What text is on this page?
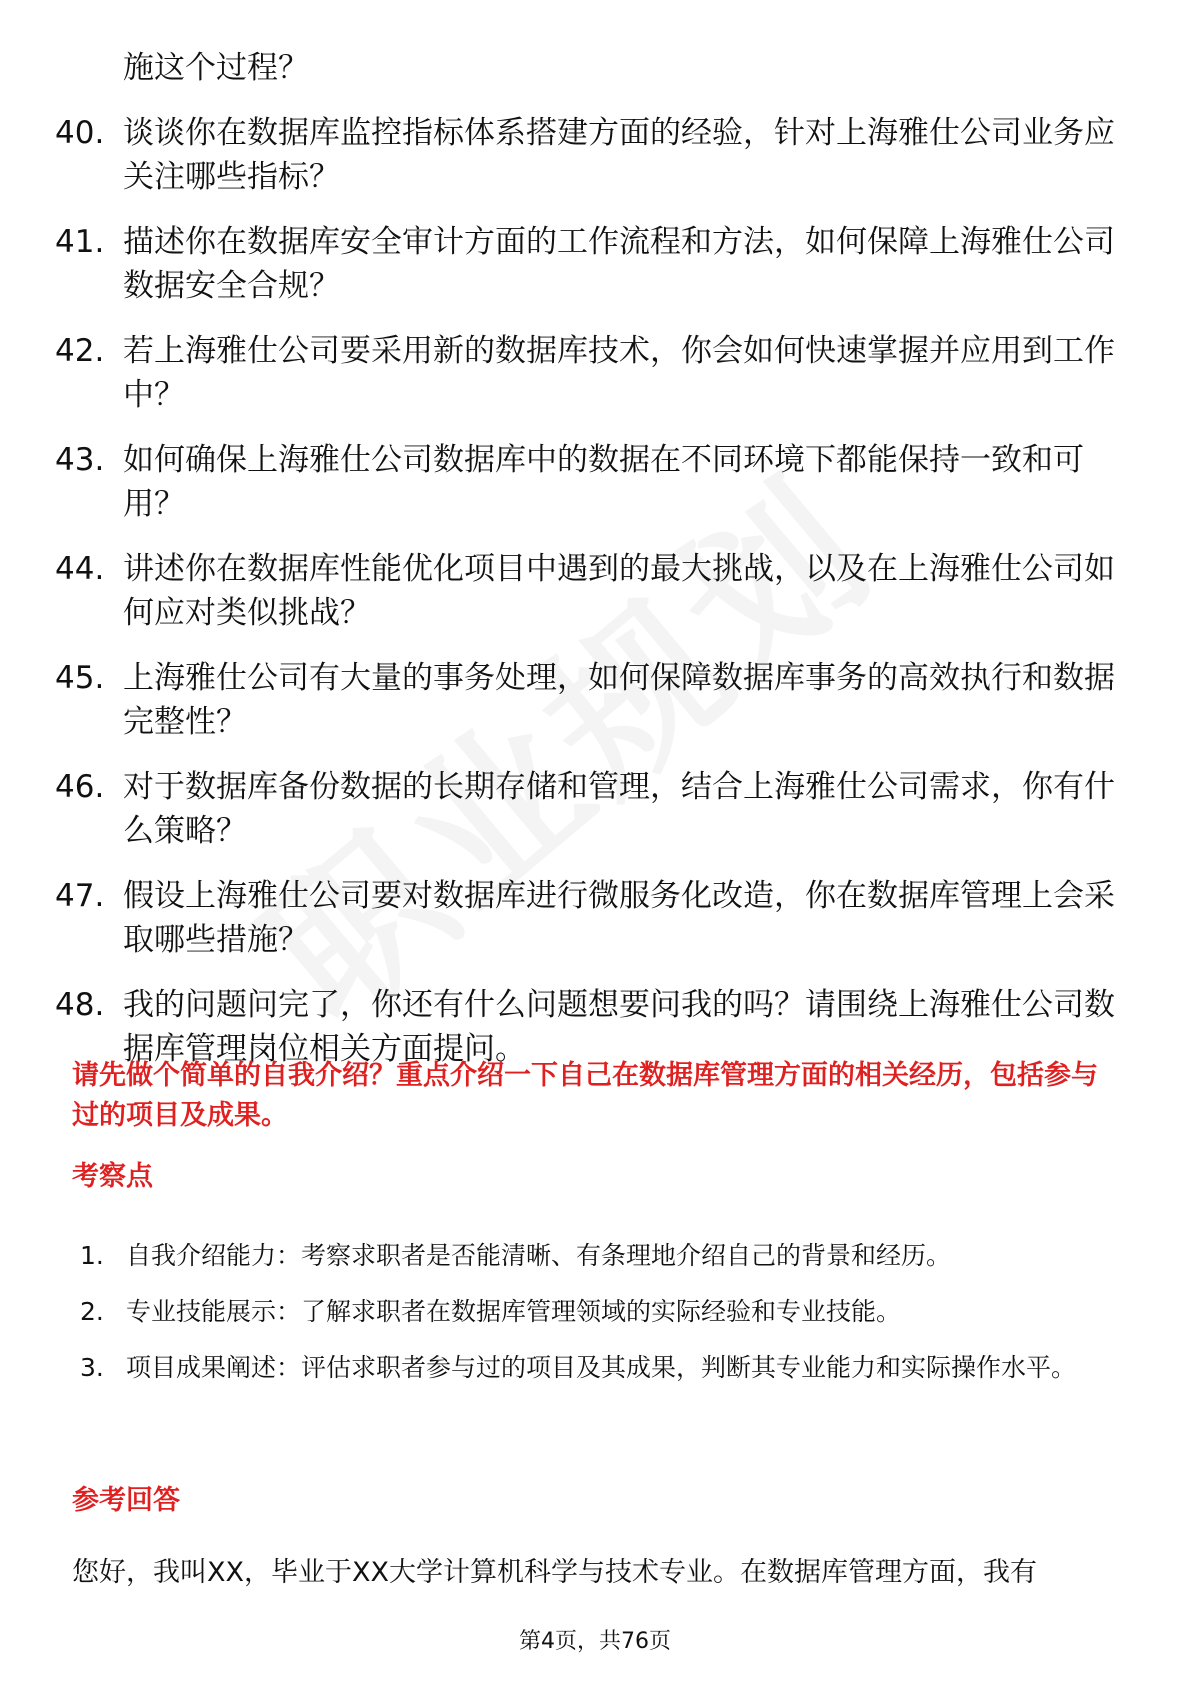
施这个过程？
40. 谈谈你在数据库监控指标体系搭建方面的经验，针对上海雅仕公司业务应关注哪些指标？
41. 描述你在数据库安全审计方面的工作流程和方法，如何保障上海雅仕公司数据安全合规？
42. 若上海雅仕公司要采用新的数据库技术，你会如何快速掌握并应用到工作中？
43. 如何确保上海雅仕公司数据库中的数据在不同环境下都能保持一致和可用？
44. 讲述你在数据库性能优化项目中遇到的最大挑战，以及在上海雅仕公司如何应对类似挑战？
45. 上海雅仕公司有大量的事务处理，如何保障数据库事务的高效执行和数据完整性？
46. 对于数据库备份数据的长期存储和管理，结合上海雅仕公司需求，你有什么策略？
47. 假设上海雅仕公司要对数据库进行微服务化改造，你在数据库管理上会采取哪些措施？
48. 我的问题问完了，你还有什么问题想要问我的吗？请围绕上海雅仕公司数据库管理岗位相关方面提问。
请先做个简单的自我介绍？重点介绍一下自己在数据库管理方面的相关经历，包括参与过的项目及成果。
考察点
1. 自我介绍能力：考察求职者是否能清晰、有条理地介绍自己的背景和经历。
2. 专业技能展示：了解求职者在数据库管理领域的实际经验和专业技能。
3. 项目成果阐述：评估求职者参与过的项目及其成果，判断其专业能力和实际操作水平。
参考回答
您好，我叫XX，毕业于XX大学计算机科学与技术专业。在数据库管理方面，我有
第4页，共76页
